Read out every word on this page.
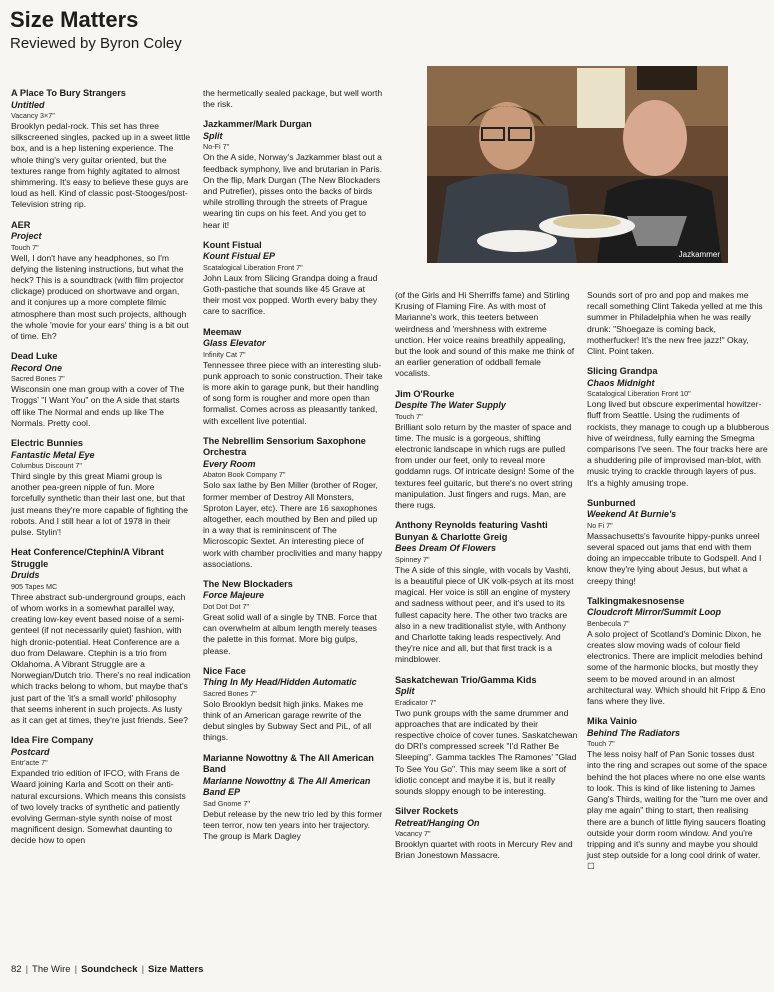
Size Matters
Reviewed by Byron Coley
Jazkammer
A Place To Bury Strangers
Untitled
Vacancy 3×7"

Brooklyn pedal-rock. This set has three silkscreened singles, packed up in a sweet little box, and is a hep listening experience. The whole thing's very guitar oriented, but the textures range from highly agitated to almost shimmering. It's easy to believe these guys are loud as hell. Kind of classic post-Stooges/post-Television string rip.

AER
Project
Touch 7"

Well, I don't have any headphones, so I'm defying the listening instructions, but what the heck? This is a soundtrack (with film projector clickage) produced on shortwave and organ, and it conjures up a more complete filmic atmosphere than most such projects, although the whole 'movie for your ears' thing is a bit out of time. Eh?

Dead Luke
Record One
Sacred Bones 7"

Wisconsin one man group with a cover of The Troggs' "I Want You" on the A side that starts off like The Normal and ends up like The Normals. Pretty cool.

Electric Bunnies
Fantastic Metal Eye
Columbus Discount 7"

Third single by this great Miami group is another pea-green nipple of fun. More forcefully synthetic than their last one, but that just means they're more capable of fighting the robots. And I still hear a lot of 1978 in their pulse. Stylin'!

Heat Conference/Ctephin/A Vibrant Struggle
Druids
905 Tapes MC

Three abstract sub-underground groups, each of whom works in a somewhat parallel way, creating low-key event based noise of a semi-genteel (if not necessarily quiet) fashion, with high dronic-potential. Heat Conference are a duo from Delaware. Ctephin is a trio from Oklahoma. A Vibrant Struggle are a Norwegian/Dutch trio. There's no real indication which tracks belong to whom, but maybe that's just part of the 'it's a small world' philosophy that seems inherent in such projects. As lusty as it can get at times, they're just friends. See?

Idea Fire Company
Postcard
Entr'acte 7"

Expanded trio edition of IFCO, with Frans de Waard joining Karla and Scott on their anti-natural excursions. Which means this consists of two lovely tracks of synthetic and patiently evolving German-style synth noise of most magnificent design. Somewhat daunting to decide how to open

the hermetically sealed package, but well worth the risk.

Jazkammer/Mark Durgan
Split
No-Fi 7"

On the A side, Norway's Jazkammer blast out a feedback symphony, live and brutarian in Paris. On the flip, Mark Durgan (The New Blockaders and Putrefier), pisses onto the backs of birds while strolling through the streets of Prague wearing tin cups on his feet. And you get to hear it!

Kount Fistual
Kount Fistual EP
Scatalogical Liberation Front 7"

John Laux from Slicing Grandpa doing a fraud Goth-pastiche that sounds like 45 Grave at their most vox popped. Worth every baby they care to sacrifice.

Meemaw
Glass Elevator
Infinity Cat 7"

Tennessee three piece with an interesting slub-punk approach to sonic construction. Their take is more akin to garage punk, but their handling of song form is rougher and more open than formalist. Comes across as pleasantly tanked, with excellent live potential.

The Nebrellim Sensorium Saxophone Orchestra
Every Room
Abaton Book Company 7"

Solo sax lathe by Ben Miller (brother of Roger, former member of Destroy All Monsters, Sproton Layer, etc). There are 16 saxophones altogether, each mouthed by Ben and piled up in a way that is remininscent of The Microscopic Sextet. An interesting piece of work with chamber proclivities and many happy associations.

The New Blockaders
Force Majeure
Dot Dot Dot 7"

Great solid wall of a single by TNB. Force that can overwhelm at album length merely teases the palette in this format. More big gulps, please.

Nice Face
Thing In My Head/Hidden Automatic
Sacred Bones 7"

Solo Brooklyn bedsit high jinks. Makes me think of an American garage rewrite of the debut singles by Subway Sect and PiL, of all things.

Marianne Nowottny & The All American Band
Marianne Nowottny & The All American Band EP
Sad Gnome 7"

Debut release by the new trio led by this former teen terror, now ten years into her trajectory. The group is Mark Dagley

(of the Girls and Hi Sherriffs fame) and Stirling Krusing of Flaming Fire. As with most of Marianne's work, this teeters between weirdness and 'mershness with extreme unction. Her voice reains breathily appealing, but the look and sound of this make me think of an earlier generation of oddball female vocalists.

Jim O'Rourke
Despite The Water Supply
Touch 7"

Brilliant solo return by the master of space and time. The music is a gorgeous, shifting electronic landscape in which rugs are pulled from under our feet, only to reveal more goddamn rugs. Of intricate design! Some of the textures feel guitaric, but there's no overt string manipulation. Just fingers and rugs. Man, are there rugs.

Anthony Reynolds featuring Vashti Bunyan & Charlotte Greig
Bees Dream Of Flowers
Spinney 7"

The A side of this single, with vocals by Vashti, is a beautiful piece of UK volk-psych at its most magical. Her voice is still an engine of mystery and sadness without peer, and it's used to its fullest capacity here. The other two tracks are also in a new traditionalist style, with Anthony and Charlotte taking leads respectively. And they're nice and all, but that first track is a mindblower.

Saskatchewan Trio/Gamma Kids
Split
Eradicator 7"

Two punk groups with the same drummer and approaches that are indicated by their respective choice of cover tunes. Saskatchewan do DRI's compressed screek "I'd Rather Be Sleeping". Gamma tackles The Ramones' "Glad To See You Go". This may seem like a sort of idiotic concept and maybe it is, but it really sounds sloppy enough to be interesting.

Silver Rockets
Retreat/Hanging On
Vacancy 7"

Brooklyn quartet with roots in Mercury Rev and Brian Jonestown Massacre.

Sounds sort of pro and pop and makes me recall something Clint Takeda yelled at me this summer in Philadelphia when he was really drunk: "Shoegaze is coming back, motherfucker! It's the new free jazz!" Okay, Clint. Point taken.

Slicing Grandpa
Chaos Midnight
Scatalogical Liberation Front 10"

Long lived but obscure experimental howitzer-fluff from Seattle. Using the rudiments of rockists, they manage to cough up a blubberous hive of weirdness, fully earning the Smegma comparisons I've seen. The four tracks here are a shuddering pile of improvised man-blot, with music trying to crackle through layers of pus. It's a highly amusing trope.

Sunburned
Weekend At Burnie's
No Fi 7"

Massachusetts's favourite hippy-punks unreel several spaced out jams that end with them doing an impeccable tribute to Godspell. And I know they're lying about Jesus, but what a creepy thing!

Talkingmakesnosense
Cloudcroft Mirror/Summit Loop
Benbecula 7"

A solo project of Scotland's Dominic Dixon, he creates slow moving wads of colour field electronics. There are implicit melodies behind some of the harmonic blocks, but mostly they seem to be moved around in an almost architectural way. Which should hit Fripp & Eno fans where they live.

Mika Vainio
Behind The Radiators
Touch 7"

The less noisy half of Pan Sonic tosses dust into the ring and scrapes out some of the space behind the hot places where no one else wants to look. This is kind of like listening to James Gang's Thirds, waiting for the "turn me over and play me again" thing to start, then realising there are a bunch of little flying saucers floating outside your dorm room window. And you're tripping and it's sunny and maybe you should just step outside for a long cool drink of water. ☐

82 | The Wire | Soundcheck | Size Matters
